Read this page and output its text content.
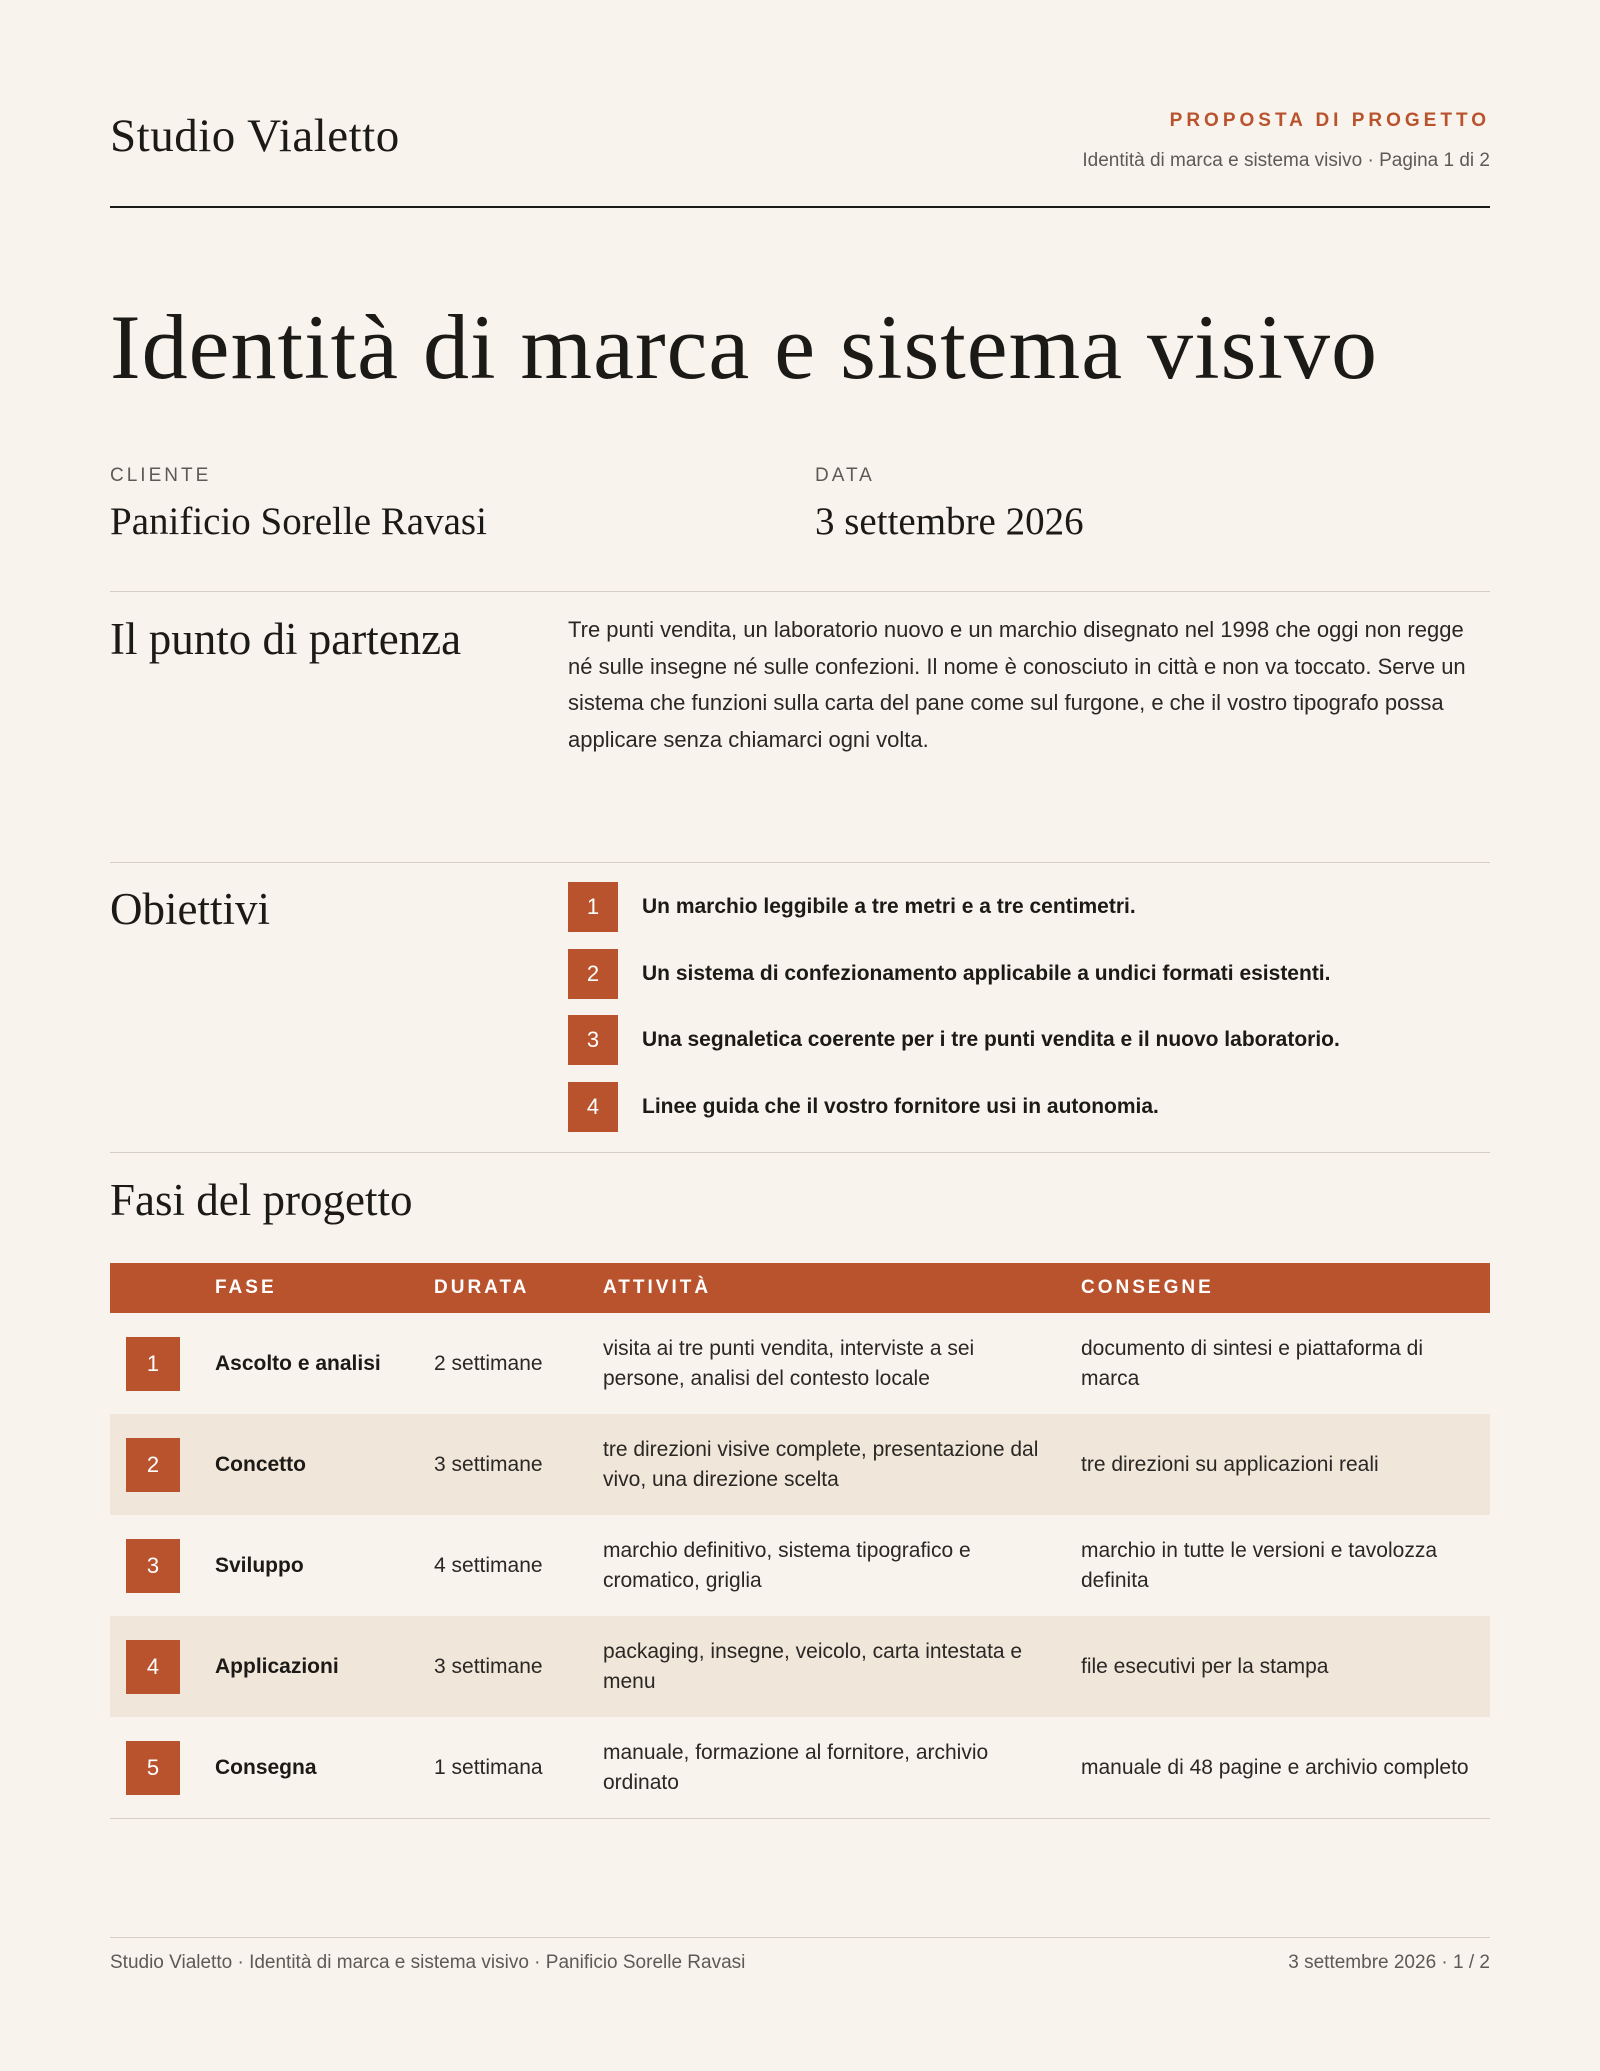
Studio Vialetto	PROPOSTA DI PROGETTO
Identità di marca e sistema visivo · Pagina 1 di 2
Identità di marca e sistema visivo
CLIENTE
Panificio Sorelle Ravasi
DATA
3 settembre 2026
Il punto di partenza	Tre punti vendita, un laboratorio nuovo e un marchio disegnato nel 1998 che oggi non regge né sulle insegne né sulle confezioni. Il nome è conosciuto in città e non va toccato. Serve un sistema che funzioni sulla carta del pane come sul furgone, e che il vostro tipografo possa applicare senza chiamarci ogni volta.

Obiettivi	1	Un marchio leggibile a tre metri e a tre centimetri.
2	Un sistema di confezionamento applicabile a undici formati esistenti.
3	Una segnaletica coerente per i tre punti vendita e il nuovo laboratorio.
4	Linee guida che il vostro fornitore usi in autonomia.
Fasi del progetto
	FASE	DURATA	ATTIVITÀ	CONSEGNE

1	Ascolto e analisi	2 settimane	visita ai tre punti vendita, interviste a sei persone, analisi del contesto locale	documento di sintesi e piattaforma di marca

2	Concetto	3 settimane	tre direzioni visive complete, presentazione dal vivo, una direzione scelta	tre direzioni su applicazioni reali

3	Sviluppo	4 settimane	marchio definitivo, sistema tipografico e cromatico, griglia	marchio in tutte le versioni e tavolozza definita

4	Applicazioni	3 settimane	packaging, insegne, veicolo, carta intestata e menu	file esecutivi per la stampa

5	Consegna	1 settimana	manuale, formazione al fornitore, archivio ordinato	manuale di 48 pagine e archivio completo
Studio Vialetto · Identità di marca e sistema visivo · Panificio Sorelle Ravasi	3 settembre 2026 · 1 / 2
